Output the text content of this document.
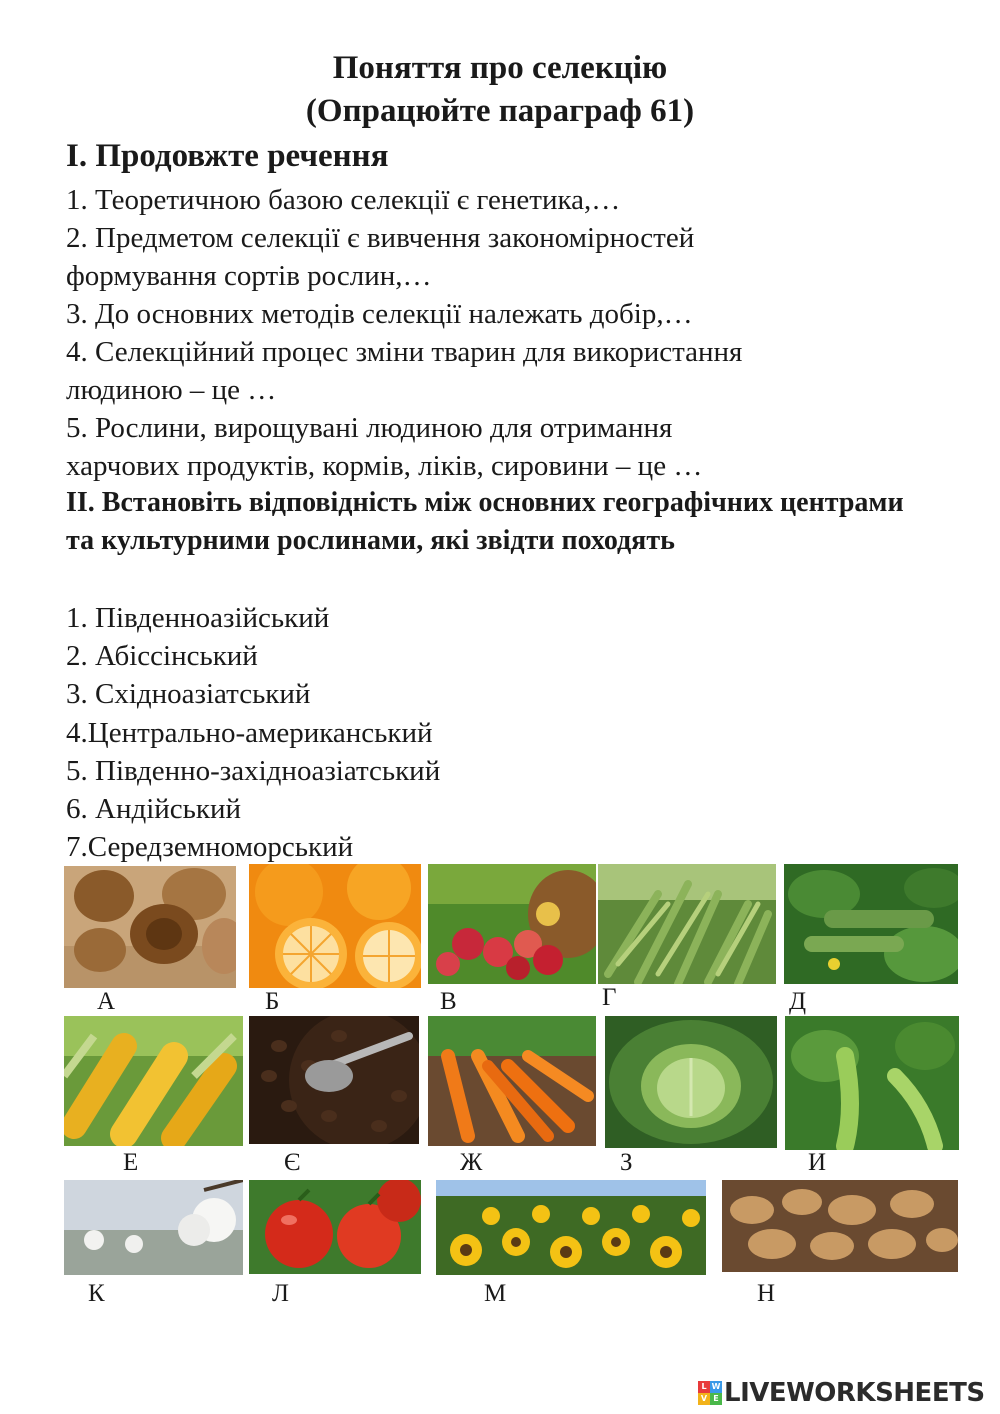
Поняття про селекцію
(Опрацюйте параграф 61)
I. Продовжте речення
1. Теоретичною базою селекції є генетика,…
2. Предметом селекції є вивчення закономірностей
формування сортів рослин,…
3. До основних методів селекції належать добір,…
4. Селекційний процес зміни тварин для використання
людиною – це …
5. Рослини, вирощувані людиною для отримання
харчових продуктів, кормів, ліків, сировини – це …
II. Встановіть відповідність між основних географічних центрами та культурними рослинами, які звідти походять
1. Південноазійський
2. Абіссінський
3. Східноазіатський
4.Центрально-американський
5. Південно-західноазіатський
6. Андійський
7.Середземноморський
А	Б	В	Г	Д
Е	Є	Ж	З	И
К	Л	М	Н
L W
V E LIVEWORKSHEETS
